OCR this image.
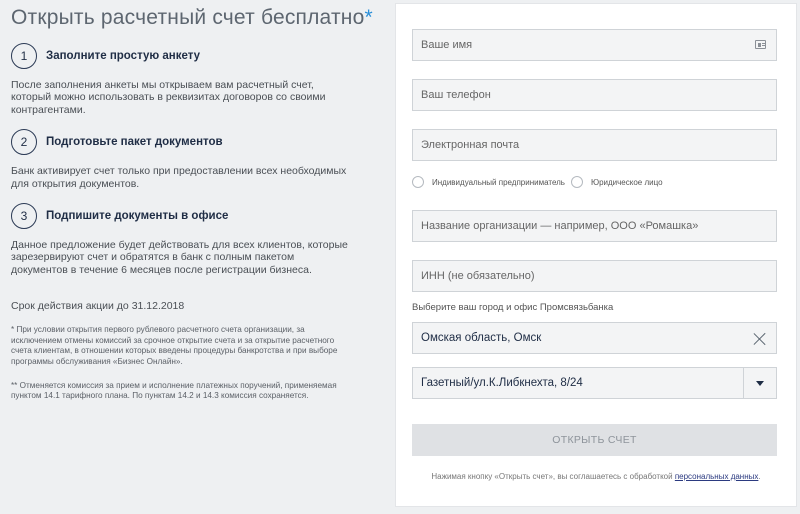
Открыть расчетный счет бесплатно*
1	Заполните простую анкету
После заполнения анкеты мы открываем вам расчетный счет, который можно использовать в реквизитах договоров со своими контрагентами.
2	Подготовьте пакет документов
Банк активирует счет только при предоставлении всех необходимых для открытия документов.
3	Подпишите документы в офисе
Данное предложение будет действовать для всех клиентов, которые зарезервируют счет и обратятся в банк с полным пакетом документов в течение 6 месяцев после регистрации бизнеса.
Срок действия акции до 31.12.2018
* При условии открытия первого рублевого расчетного счета организации, за исключением отмены комиссий за срочное открытие счета и за открытие расчетного счета клиентам, в отношении которых введены процедуры банкротства и при выборе программы обслуживания «Бизнес Онлайн».
** Отменяется комиссия за прием и исполнение платежных поручений, применяемая пунктом 14.1 тарифного плана. По пунктам 14.2 и 14.3 комиссия сохраняется.
Ваше имя
Ваш телефон
Электронная почта
Индивидуальный предприниматель	Юридическое лицо
Название организации — например, ООО «Ромашка»
ИНН (не обязательно)
Выберите ваш город и офис Промсвязьбанка
Омская область, Омск
Газетный/ул.К.Либкнехта, 8/24
ОТКРЫТЬ СЧЕТ
Нажимая кнопку «Открыть счет», вы соглашаетесь с обработкой персональных данных.
